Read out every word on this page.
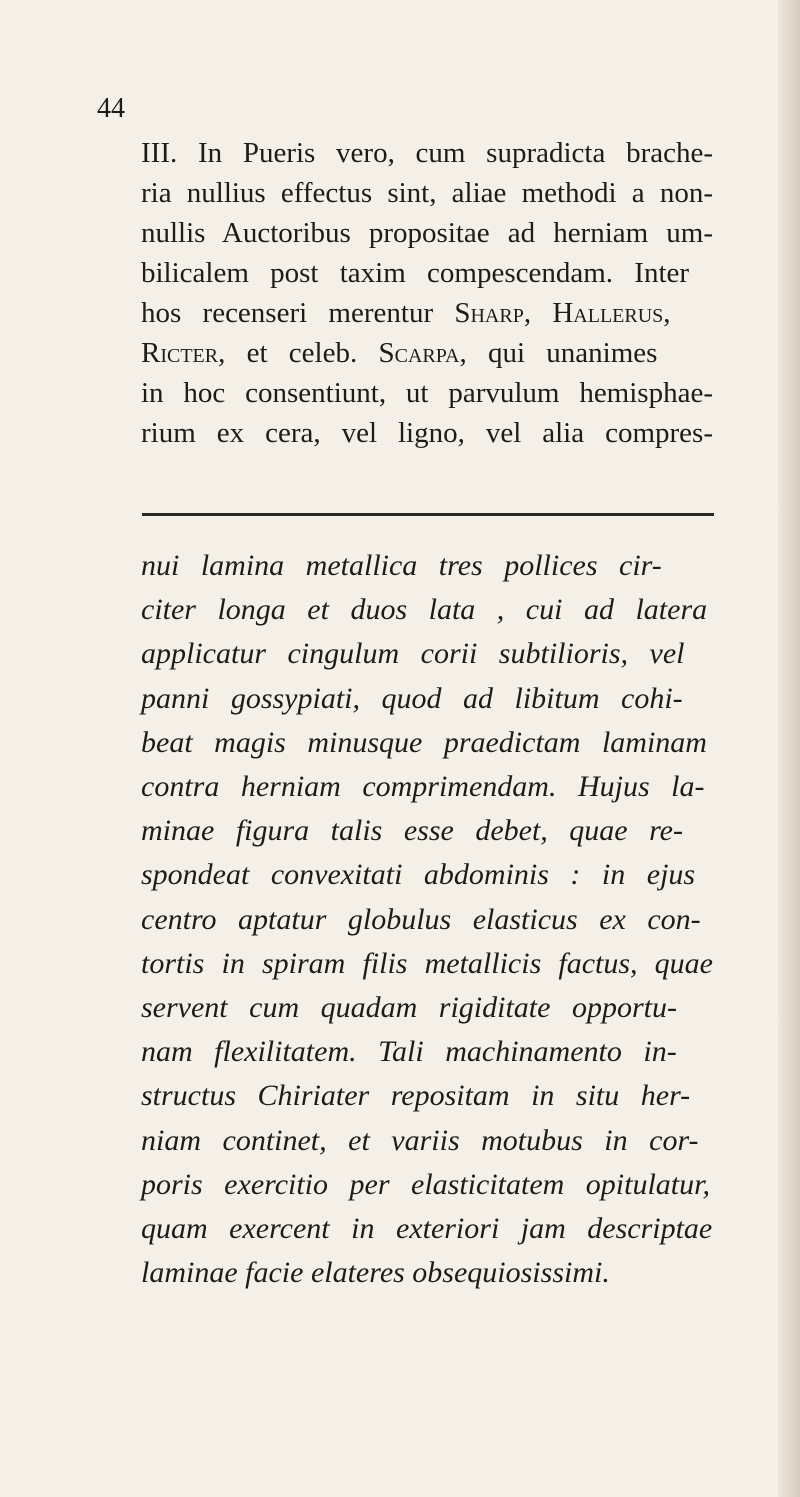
44

III. In Pueris vero, cum supradicta brache-
ria nullius effectus sint, aliae methodi a non-
nullis Auctoribus propositae ad herniam um-
bilicalem post taxim compescendam. Inter
hos recenseri merentur Sharp, Hallerus,
Ricter, et celeb. Scarpa, qui unanimes
in hoc consentiunt, ut parvulum hemisphae-
rium ex cera, vel ligno, vel alia compres-
nui lamina metallica tres pollices cir-
citer longa et duos lata , cui ad latera
applicatur cingulum corii subtilioris, vel
panni gossypiati, quod ad libitum cohi-
beat magis minusque praedictam laminam
contra herniam comprimendam. Hujus la-
minae figura talis esse debet, quae re-
spondeat convexitati abdominis : in ejus
centro aptatur globulus elasticus ex con-
tortis in spiram filis metallicis factus, quae
servent cum quadam rigiditate opportu-
nam flexilitatem. Tali machinamento in-
structus Chiriater repositam in situ her-
niam continet, et variis motubus in cor-
poris exercitio per elasticitatem opitulatur,
quam exercent in exteriori jam descriptae
laminae facie elateres obsequiosissimi.
